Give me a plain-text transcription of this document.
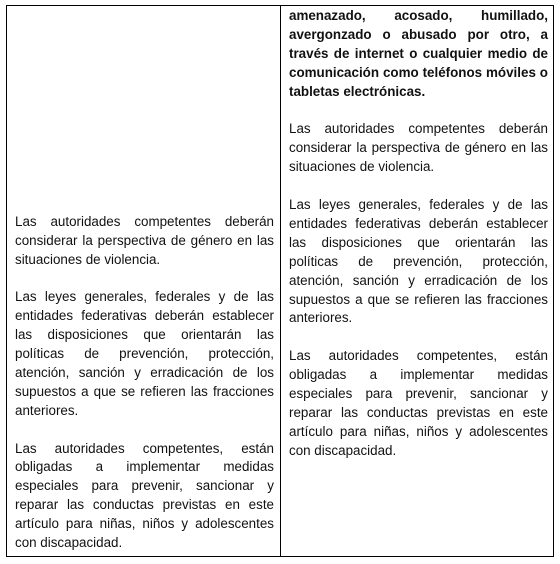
Las autoridades competentes deberán considerar la perspectiva de género en las situaciones de violencia.

Las leyes generales, federales y de las entidades federativas deberán establecer las disposiciones que orientarán las políticas de prevención, protección, atención, sanción y erradicación de los supuestos a que se refieren las fracciones anteriores.

Las autoridades competentes, están obligadas a implementar medidas especiales para prevenir, sancionar y reparar las conductas previstas en este artículo para niñas, niños y adolescentes con discapacidad.

amenazado, acosado, humillado, avergonzado o abusado por otro, a través de internet o cualquier medio de comunicación como teléfonos móviles o tabletas electrónicas.

Las autoridades competentes deberán considerar la perspectiva de género en las situaciones de violencia.

Las leyes generales, federales y de las entidades federativas deberán establecer las disposiciones que orientarán las políticas de prevención, protección, atención, sanción y erradicación de los supuestos a que se refieren las fracciones anteriores.

Las autoridades competentes, están obligadas a implementar medidas especiales para prevenir, sancionar y reparar las conductas previstas en este artículo para niñas, niños y adolescentes con discapacidad.
